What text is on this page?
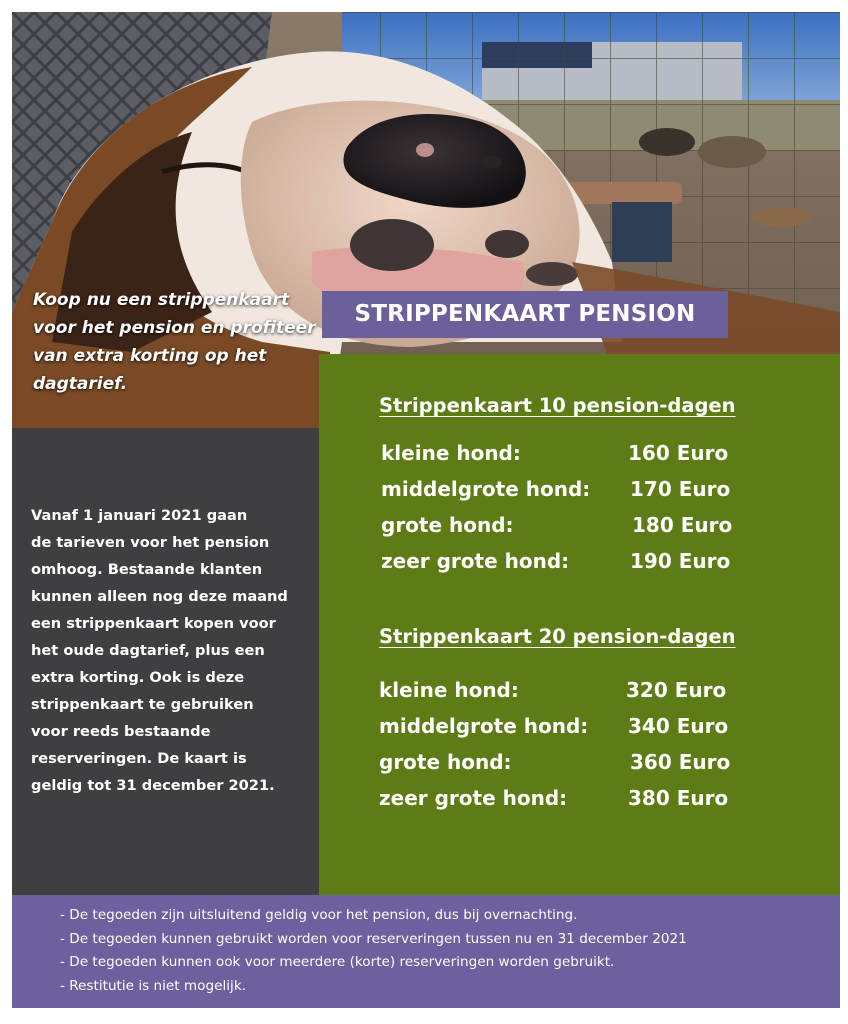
STRIPPENKAART PENSION
Koop nu een strippenkaart voor het pension en profiteer van extra korting op het dagtarief.
Vanaf 1 januari 2021 gaan
de tarieven voor het pension
omhoog. Bestaande klanten
kunnen alleen nog deze maand
een strippenkaart kopen voor
het oude dagtarief, plus een
extra korting. Ook is deze
strippenkaart te gebruiken
voor reeds bestaande
reserveringen. De kaart is
geldig tot 31 december 2021.
Strippenkaart 10 pension-dagen
kleine hond:	160 Euro
middelgrote hond: 170 Euro
grote hond:	180 Euro
zeer grote hond:	190 Euro
Strippenkaart 20 pension-dagen
kleine hond:	320 Euro
middelgrote hond: 340 Euro
grote hond:	360 Euro
zeer grote hond:	380 Euro
- De tegoeden zijn uitsluitend geldig voor het pension, dus bij overnachting.
- De tegoeden kunnen gebruikt worden voor reserveringen tussen nu en 31 december 2021
- De tegoeden kunnen ook voor meerdere (korte) reserveringen worden gebruikt.
- Restitutie is niet mogelijk.
